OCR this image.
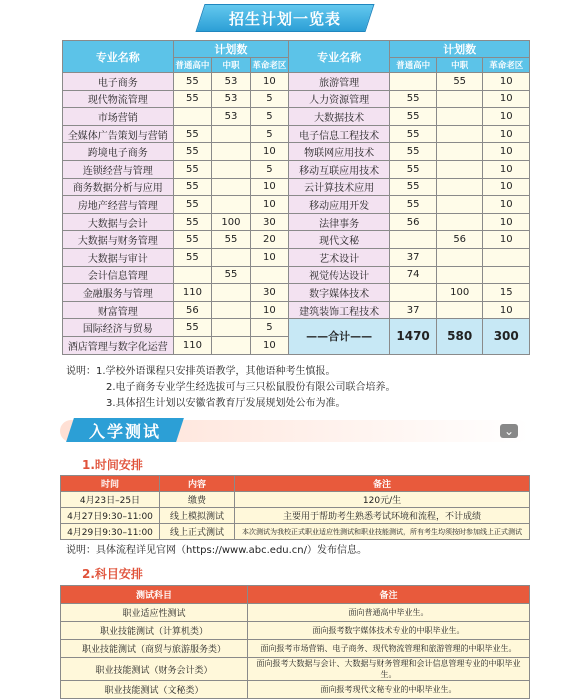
招生计划一览表
专业名称	计划数			专业名称	计划数		
	普通高中	中职	革命老区		普通高中	中职	革命老区
电子商务	55	53	10	旅游管理		55	10
现代物流管理	55	53	5	人力资源管理	55		10
市场营销		53	5	大数据技术	55		10
全媒体广告策划与营销	55		5	电子信息工程技术	55		10
跨境电子商务	55		10	物联网应用技术	55		10
连锁经营与管理	55		5	移动互联应用技术	55		10
商务数据分析与应用	55		10	云计算技术应用	55		10
房地产经营与管理	55		10	移动应用开发	55		10
大数据与会计	55	100	30	法律事务	56		10
大数据与财务管理	55	55	20	现代文秘		56	10
大数据与审计	55		10	艺术设计	37		
会计信息管理		55		视觉传达设计	74		
金融服务与管理	110		30	数字媒体技术		100	15
财富管理	56		10	建筑装饰工程技术	37		10
国际经济与贸易	55		5	——合计——	1470	580	300
酒店管理与数字化运营	110		10				
说明：1.学校外语课程只安排英语教学，其他语种考生慎报。
2.电子商务专业学生经选拔可与三只松鼠股份有限公司联合培养。
3.具体招生计划以安徽省教育厅发展规划处公布为准。
入学测试	⌄
1.时间安排
时间	内容	备注
4月23日–25日	缴费	120元/生
4月27日9:30–11:00	线上模拟测试	主要用于帮助考生熟悉考试环境和流程，不计成绩
4月29日9:30–11:00	线上正式测试	本次测试为我校正式职业适应性测试和职业技能测试，所有考生均须按时参加线上正式测试
说明：具体流程详见官网（https://www.abc.edu.cn/）发布信息。
2.科目安排
测试科目	备注
职业适应性测试	面向普通高中毕业生。
职业技能测试（计算机类）	面向报考数字媒体技术专业的中职毕业生。
职业技能测试（商贸与旅游服务类）	面向报考市场营销、电子商务、现代物流管理和旅游管理的中职毕业生。
职业技能测试（财务会计类）	面向报考大数据与会计、大数据与财务管理和会计信息管理专业的中职毕业生。
职业技能测试（文秘类）	面向报考现代文秘专业的中职毕业生。
